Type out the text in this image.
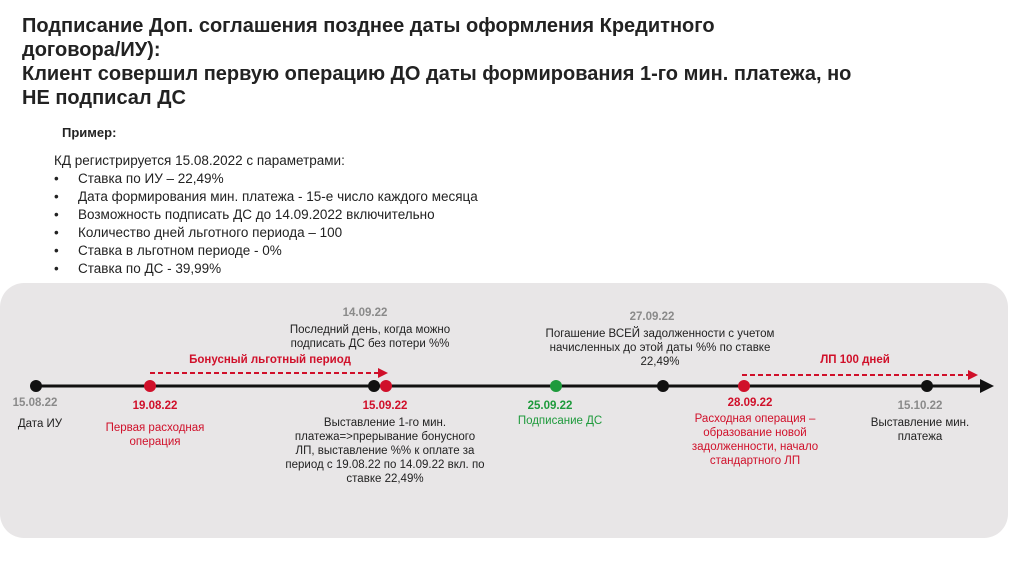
Подписание Доп. соглашения позднее даты оформления Кредитного
договора/ИУ):
Клиент совершил первую операцию ДО даты формирования 1-го мин. платежа, но
НЕ подписал ДС
Пример:
КД регистрируется 15.08.2022 с параметрами:
• Ставка по ИУ – 22,49%
• Дата формирования мин. платежа - 15-е число каждого месяца
• Возможность подписать ДС до 14.09.2022 включительно
• Количество дней льготного периода – 100
• Ставка в льготном периоде - 0%
• Ставка по ДС - 39,99%
Бонусный льготный период	ЛП 100 дней
15.08.22
Дата ИУ
19.08.22
Первая расходная
операция
14.09.22
Последний день, когда можно
подписать ДС без потери %%
15.09.22
Выставление 1-го мин.
платежа=>прерывание бонусного
ЛП, выставление %% к оплате за
период с 19.08.22 по 14.09.22 вкл. по
ставке 22,49%
25.09.22
Подписание ДС
27.09.22
Погашение ВСЕЙ задолженности с учетом
начисленных до этой даты %% по ставке
22,49%
28.09.22
Расходная операция –
образование новой
задолженности, начало
стандартного ЛП
15.10.22
Выставление мин.
платежа
